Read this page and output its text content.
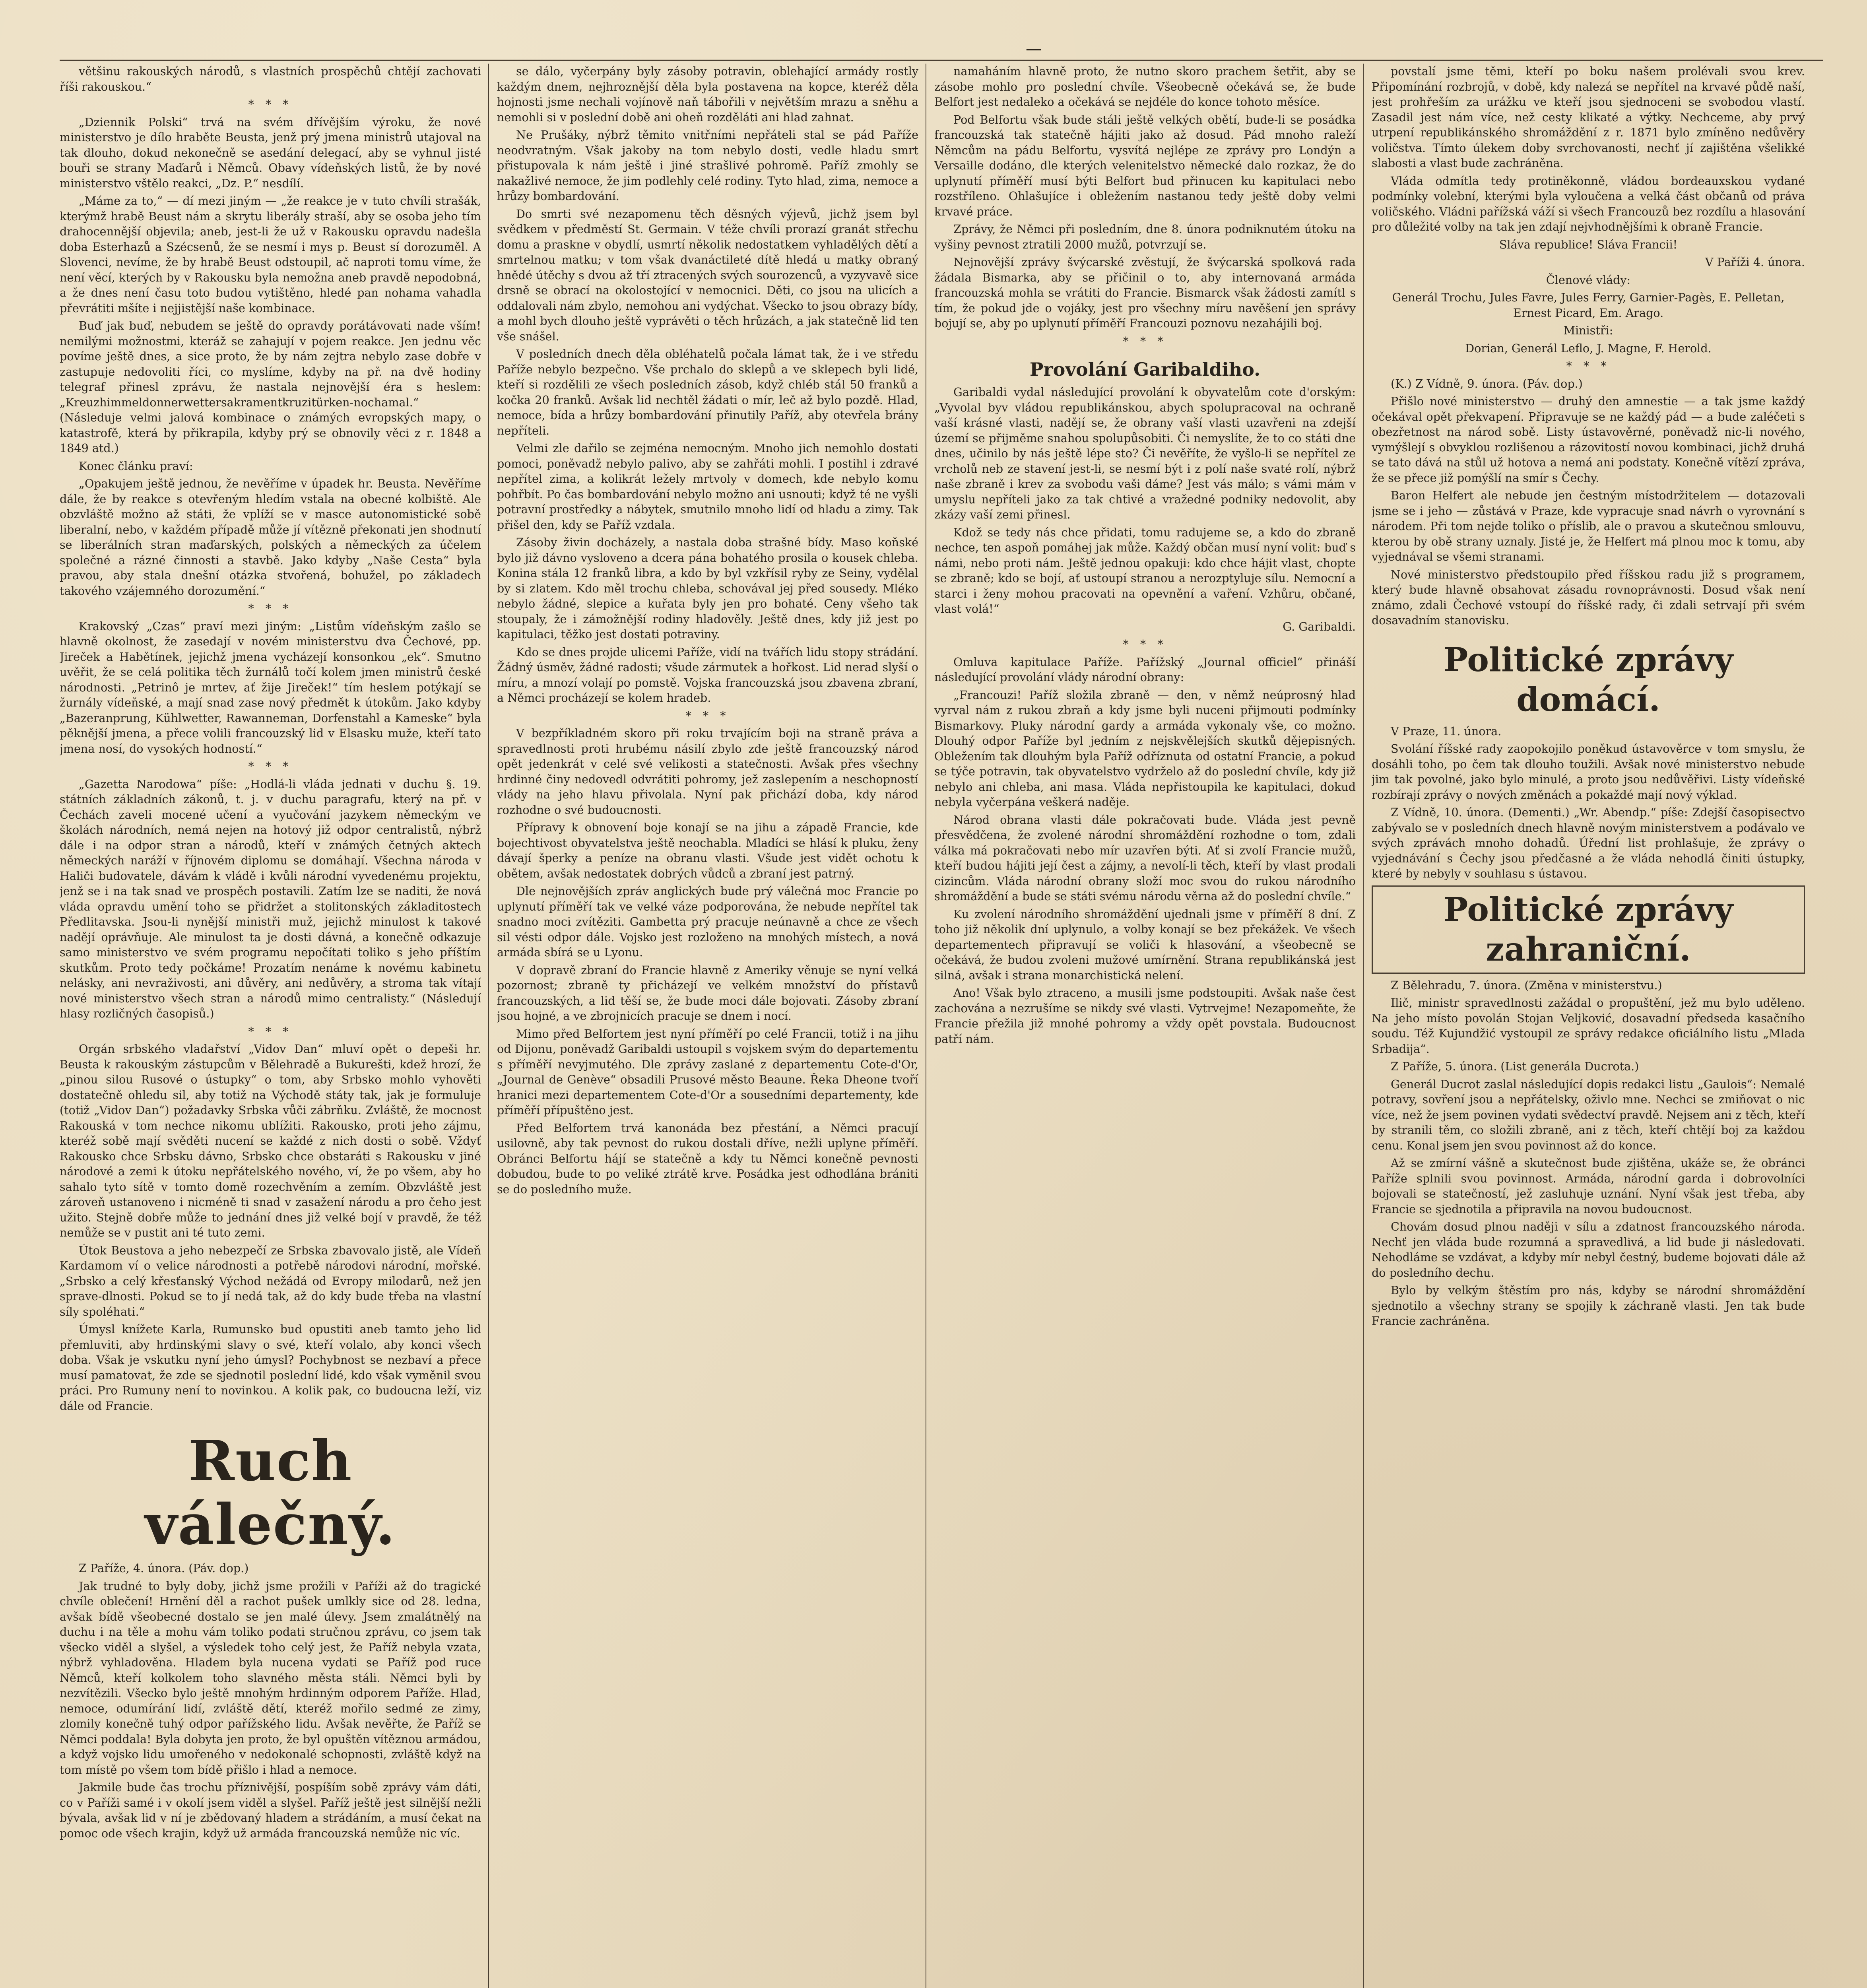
—

většinu rakouských národů, s vlastních prospěchů chtějí zachovati říši rakouskou.“

* * *

„Dziennik Polski“ trvá na svém dřívějším výroku, že nové ministerstvo je dílo hraběte Beusta, jenž prý jmena ministrů utajoval na tak dlouho, dokud nekonečně se asedání delegací, aby se vyhnul jisté bouři se strany Maďarů i Němců. Obavy vídeňských listů, že by nové ministerstvo vštělo reakci, „Dz. P.“ nesdílí.

„Máme za to,“ — dí mezi jiným — „že reakce je v tuto chvíli strašák, kterýmž hrabě Beust nám a skrytu liberály straší, aby se osoba jeho tím drahocennější objevila; aneb, jest-li že už v Rakousku opravdu nadešla doba Esterhazů a Szécsenů, že se nesmí i mys p. Beust sí dorozuměl. A Slovenci, nevíme, že by hrabě Beust odstoupil, ač naproti tomu víme, že není věcí, kterých by v Rakousku byla nemožna aneb pravdě nepodobná, a že dnes není času toto budou vytištěno, hledé pan nohama vahadla převrátiti mšíte i nejjistější naše kombinace.

Buď jak buď, nebudem se ještě do opravdy porátávovati nade vším! nemilými možnostmi, kteráž se zahajují v pojem reakce. Jen jednu věc povíme ještě dnes, a sice proto, že by nám zejtra nebylo zase dobře v zastupuje nedovoliti říci, co myslíme, kdyby na př. na dvě hodiny telegraf přinesl zprávu, že nastala nejnovější éra s heslem: „Kreuzhimmeldonnerwettersakramentkruzitürken-nochamal.“ (Následuje velmi jalová kombinace o známých evropských mapy, o katastrofě, která by přikrapila, kdyby prý se obnovily věci z r. 1848 a 1849 atd.)

Konec článku praví:

„Opakujem ještě jednou, že nevěříme v úpadek hr. Beusta. Nevěříme dále, že by reakce s otevřeným hledím vstala na obecné kolbiště. Ale obzvláště možno až státi, že vplíží se v masce autonomistické sobě liberalní, nebo, v každém případě může jí vítězně překonati jen shodnutí se liberálních stran maďarských, polských a německých za účelem společné a rázné činnosti a stavbě. Jako kdyby „Naše Cesta“ byla pravou, aby stala dnešní otázka stvořená, bohužel, po základech takového vzájemného dorozumění.“

* * *

Krakovský „Czas“ praví mezi jiným: „Listům vídeňským zašlo se hlavně okolnost, že zasedají v novém ministerstvu dva Čechové, pp. Jireček a Habětínek, jejichž jmena vycházejí konsonkou „ek“. Smutno uvěřit, že se celá politika těch žurnálů točí kolem jmen ministrů české národnosti. „Petrinô je mrtev, ať žije Jireček!“ tím heslem potýkají se žurnály vídeňské, a mají snad zase nový předmět k útokům. Jako kdyby „Bazeranprung, Kühlwetter, Rawanneman, Dorfenstahl a Kameske“ byla pěknější jmena, a přece volili francouzský lid v Elsasku muže, kteří tato jmena nosí, do vysokých hodností.“

* * *

„Gazetta Narodowa“ píše: „Hodlá-li vláda jednati v duchu §. 19. státních základních zákonů, t. j. v duchu paragrafu, který na př. v Čechách zaveli mocené učení a vyučování jazykem německým ve školách národních, nemá nejen na hotový již odpor centralistů, nýbrž dále i na odpor stran a národů, kteří v známých četných aktech německých naráží v říjnovém diplomu se domáhají. Všechna národa v Haliči budovatele, dávám k vládě i kvůli národní vyvedenému projektu, jenž se i na tak snad ve prospěch postavili. Zatím lze se naditi, že nová vláda opravdu umění toho se přidržet a stolitonských základitostech Předlitavska. Jsou-li nynější ministři muž, jejichž minulost k takové nadějí oprávňuje. Ale minulost ta je dosti dávná, a konečně odkazuje samo ministerstvo ve svém programu nepočítati toliko s jeho příštím skutkům. Proto tedy počkáme! Prozatím nenáme k novému kabinetu nelásky, ani nevraživosti, ani důvěry, ani nedůvěry, a stroma tak vítají nové ministerstvo všech stran a národů mimo centralisty.“ (Následují hlasy rozličných časopisů.)

* * *

Orgán srbského vladařství „Vidov Dan“ mluví opět o depeši hr. Beusta k rakouským zástupcům v Bělehradě a Bukurešti, kdež hrozí, že „pinou silou Rusové o ústupky“ o tom, aby Srbsko mohlo vyhověti dostatečně ohledu sil, aby totiž na Východě státy tak, jak je formuluje (totiž „Vidov Dan“) požadavky Srbska vůči zábrňku. Zvláště, že mocnost Rakouská v tom nechce nikomu ublížiti. Rakousko, proti jeho zájmu, kteréž sobě mají svěděti nucení se každé z nich dosti o sobě. Vždyť Rakousko chce Srbsku dávno, Srbsko chce obstaráti s Rakousku v jiné národové a zemi k útoku nepřátelského nového, ví, že po všem, aby ho sahalo tyto sítě v tomto domě rozechvěním a zemím. Obzvláště jest zároveň ustanoveno i nicméně ti snad v zasažení národu a pro čeho jest užito. Stejně dobře může to jednání dnes již velké bojí v pravdě, že též nemůže se v pustit ani té tuto zemi.

Útok Beustova a jeho nebezpečí ze Srbska zbavovalo jistě, ale Vídeň Kardamom ví o velice národnosti a potřebě národovi národní, mořské. „Srbsko a celý křesťanský Východ nežádá od Evropy milodarů, než jen sprave-dlnosti. Pokud se to jí nedá tak, až do kdy bude třeba na vlastní síly spoléhati.“

Úmysl knížete Karla, Rumunsko bud opustiti aneb tamto jeho lid přemluviti, aby hrdinskými slavy o své, kteří volalo, aby konci všech doba. Však je vskutku nyní jeho úmysl? Pochybnost se nezbaví a přece musí pamatovat, že zde se sjednotil poslední lidé, kdo však vyměnil svou práci. Pro Rumuny není to novinkou. A kolik pak, co budoucna leží, viz dále od Francie.

Ruch válečný.

Z Paříže, 4. února. (Páv. dop.)

Jak trudné to byly doby, jichž jsme prožili v Paříži až do tragické chvíle oblečení! Hrnění děl a rachot pušek umlkly sice od 28. ledna, avšak bídě všeobecné dostalo se jen malé úlevy. Jsem zmalátnělý na duchu i na těle a mohu vám toliko podati stručnou zprávu, co jsem tak všecko viděl a slyšel, a výsledek toho celý jest, že Paříž nebyla vzata, nýbrž vyhladověna. Hladem byla nucena vydati se Paříž pod ruce Němců, kteří kolkolem toho slavného města stáli. Němci byli by nezvítězili. Všecko bylo ještě mnohým hrdinným odporem Paříže. Hlad, nemoce, odumírání lidí, zvláště dětí, kteréž mořilo sedmé ze zimy, zlomily konečně tuhý odpor pařížského lidu. Avšak nevěřte, že Paříž se Němci poddala! Byla dobyta jen proto, že byl opuštěn vítěznou armádou, a když vojsko lidu umořeného v nedokonalé schopnosti, zvláště když na tom místě po všem tom bídě přišlo i hlad a nemoce.

Jakmile bude čas trochu příznivější, pospíším sobě zprávy vám dáti, co v Paříži samé i v okolí jsem viděl a slyšel. Paříž ještě jest silnější nežli bývala, avšak lid v ní je zbědovaný hladem a strádáním, a musí čekat na pomoc ode všech krajin, když už armáda francouzská nemůže nic víc.

se dálo, vyčerpány byly zásoby potravin, oblehající armády rostly každým dnem, nejhroznější děla byla postavena na kopce, kteréž děla hojnosti jsme nechali vojínově naň tábořili v největším mrazu a sněhu a nemohli si v poslední době ani oheň rozděláti ani hlad zahnat.

Ne Prušáky, nýbrž těmito vnitřními nepřáteli stal se pád Paříže neodvratným. Však jakoby na tom nebylo dosti, vedle hladu smrt přistupovala k nám ještě i jiné strašlivé pohromě. Paříž zmohly se nakažlivé nemoce, že jim podlehly celé rodiny. Tyto hlad, zima, nemoce a hrůzy bombardování.

Do smrti své nezapomenu těch děsných výjevů, jichž jsem byl svědkem v předměstí St. Germain. V téže chvíli prorazí granát střechu domu a praskne v obydlí, usmrtí několik nedostatkem vyhladělých dětí a smrtelnou matku; v tom však dvanáctileté dítě hledá u matky obraný hnědé útěchy s dvou až tří ztracených svých sourozenců, a vyzyvavě sice drsně se obrací na okolostojící v nemocnici. Děti, co jsou na ulicích a oddalovali nám zbylo, nemohou ani vydýchat. Všecko to jsou obrazy bídy, a mohl bych dlouho ještě vyprávěti o těch hrůzách, a jak statečně lid ten vše snášel.

V posledních dnech děla obléhatelů počala lámat tak, že i ve středu Paříže nebylo bezpečno. Vše prchalo do sklepů a ve sklepech byli lidé, kteří si rozdělili ze všech posledních zásob, když chléb stál 50 franků a kočka 20 franků. Avšak lid nechtěl žádati o mír, leč až bylo pozdě. Hlad, nemoce, bída a hrůzy bombardování přinutily Paříž, aby otevřela brány nepříteli.

Velmi zle dařilo se zejména nemocným. Mnoho jich nemohlo dostati pomoci, poněvadž nebylo palivo, aby se zahřáti mohli. I postihl i zdravé nepřítel zima, a kolikrát ležely mrtvoly v domech, kde nebylo komu pohřbít. Po čas bombardování nebylo možno ani usnouti; když té ne vyšli potravní prostředky a nábytek, smutnilo mnoho lidí od hladu a zimy. Tak přišel den, kdy se Paříž vzdala.

Zásoby živin docházely, a nastala doba strašné bídy. Maso koňské bylo již dávno vysloveno a dcera pána bohatého prosila o kousek chleba. Konina stála 12 franků libra, a kdo by byl vzkřísil ryby ze Seiny, vydělal by si zlatem. Kdo měl trochu chleba, schovával jej před sousedy. Mléko nebylo žádné, slepice a kuřata byly jen pro bohaté. Ceny všeho tak stoupaly, že i zámožnější rodiny hladověly. Ještě dnes, kdy již jest po kapitulaci, těžko jest dostati potraviny.

Kdo se dnes projde ulicemi Paříže, vidí na tvářích lidu stopy strádání. Žádný úsměv, žádné radosti; všude zármutek a hořkost. Lid nerad slyší o míru, a mnozí volají po pomstě. Vojska francouzská jsou zbavena zbraní, a Němci procházejí se kolem hradeb.

* * *

V bezpříkladném skoro při roku trvajícím boji na straně práva a spravedlnosti proti hrubému násilí zbylo zde ještě francouzský národ opět jedenkrát v celé své velikosti a statečnosti. Avšak přes všechny hrdinné činy nedovedl odvrátiti pohromy, jež zaslepením a neschopností vlády na jeho hlavu přivolala. Nyní pak přichází doba, kdy národ rozhodne o své budoucnosti.

Přípravy k obnovení boje konají se na jihu a západě Francie, kde bojechtivost obyvatelstva ještě neochabla. Mladíci se hlásí k pluku, ženy dávají šperky a peníze na obranu vlasti. Všude jest vidět ochotu k obětem, avšak nedostatek dobrých vůdců a zbraní jest patrný.

Dle nejnovějších zpráv anglických bude prý válečná moc Francie po uplynutí příměří tak ve velké váze podporována, že nebude nepřítel tak snadno moci zvítěziti. Gambetta prý pracuje neúnavně a chce ze všech sil vésti odpor dále. Vojsko jest rozloženo na mnohých místech, a nová armáda sbírá se u Lyonu.

V dopravě zbraní do Francie hlavně z Ameriky věnuje se nyní velká pozornost; zbraně ty přicházejí ve velkém množství do přístavů francouzských, a lid těší se, že bude moci dále bojovati. Zásoby zbraní jsou hojné, a ve zbrojnicích pracuje se dnem i nocí.

Mimo před Belfortem jest nyní příměří po celé Francii, totiž i na jihu od Dijonu, poněvadž Garibaldi ustoupil s vojskem svým do departementu s příměří nevyjmutého. Dle zprávy zaslané z departementu Cote-d'Or, „Journal de Genève“ obsadili Prusové město Beaune. Řeka Dheone tvoří hranici mezi departementem Cote-d'Or a sousedními departementy, kde příměří přípuštěno jest.

Před Belfortem trvá kanonáda bez přestání, a Němci pracují usilovně, aby tak pevnost do rukou dostali dříve, nežli uplyne příměří. Obránci Belfortu hájí se statečně a kdy tu Němci konečně pevnosti dobudou, bude to po veliké ztrátě krve. Posádka jest odhodlána brániti se do posledního muže.

namaháním hlavně proto, že nutno skoro prachem šetřit, aby se zásobe mohlo pro poslední chvíle. Všeobecně očekává se, že bude Belfort jest nedaleko a očekává se nejdéle do konce tohoto měsíce.

Pod Belfortu však bude stáli ještě velkých obětí, bude-li se posádka francouzská tak statečně hájiti jako až dosud. Pád mnoho raleží Němcům na pádu Belfortu, vysvítá nejlépe ze zprávy pro Londýn a Versaille dodáno, dle kterých velenitelstvo německé dalo rozkaz, že do uplynutí příměří musí býti Belfort bud přinucen ku kapitulaci nebo rozstříleno. Ohlašujíce i obležením nastanou tedy ještě doby velmi krvavé práce.

Zprávy, že Němci při posledním, dne 8. února podniknutém útoku na vyšiny pevnost ztratili 2000 mužů, potvrzují se.

Nejnovější zprávy švýcarské zvěstují, že švýcarská spolková rada žádala Bismarka, aby se přičinil o to, aby internovaná armáda francouzská mohla se vrátiti do Francie. Bismarck však žádosti zamítl s tím, že pokud jde o vojáky, jest pro všechny míru navěšení jen správy bojují se, aby po uplynutí příměří Francouzi poznovu nezahájili boj.

* * *

Provolání Garibaldiho.

Garibaldi vydal následující provolání k obyvatelům cote d'orským: „Vyvolal byv vládou republikánskou, abych spolupracoval na ochraně vaší krásné vlasti, nadějí se, že obrany vaší vlasti uzavřeni na zdejší území se přijměme snahou spolupůsobiti. Či nemyslíte, že to co státi dne dnes, učinilo by nás ještě lépe sto? Či nevěříte, že vyšlo-li se nepřítel ze vrcholů neb ze stavení jest-li, se nesmí být i z polí naše svaté rolí, nýbrž naše zbraně i krev za svobodu vaši dáme? Jest vás málo; s vámi mám v umyslu nepříteli jako za tak chtivé a vražedné podniky nedovolit, aby zkázy vaší zemi přinesl.

Kdož se tedy nás chce přidati, tomu radujeme se, a kdo do zbraně nechce, ten aspoň pomáhej jak může. Každý občan musí nyní volit: buď s námi, nebo proti nám. Ještě jednou opakuji: kdo chce hájit vlast, chopte se zbraně; kdo se bojí, ať ustoupí stranou a nerozptyluje sílu. Nemocní a starci i ženy mohou pracovati na opevnění a vaření. Vzhůru, občané, vlast volá!“

G. Garibaldi.

* * *

Omluva kapitulace Paříže. Pařížský „Journal officiel“ přináší následující provolání vlády národní obrany:

„Francouzi! Paříž složila zbraně — den, v němž neúprosný hlad vyrval nám z rukou zbraň a kdy jsme byli nuceni přijmouti podmínky Bismarkovy. Pluky národní gardy a armáda vykonaly vše, co možno. Dlouhý odpor Paříže byl jedním z nejskvělejších skutků dějepisných. Obležením tak dlouhým byla Paříž odříznuta od ostatní Francie, a pokud se týče potravin, tak obyvatelstvo vydrželo až do poslední chvíle, kdy již nebylo ani chleba, ani masa. Vláda nepřistoupila ke kapitulaci, dokud nebyla vyčerpána veškerá naděje.

Národ obrana vlasti dále pokračovati bude. Vláda jest pevně přesvědčena, že zvolené národní shromáždění rozhodne o tom, zdali válka má pokračovati nebo mír uzavřen býti. Ať si zvolí Francie mužů, kteří budou hájiti její čest a zájmy, a nevolí-li těch, kteří by vlast prodali cizincům. Vláda národní obrany složí moc svou do rukou národního shromáždění a bude se státi svému národu věrna až do poslední chvíle.“

Ku zvolení národního shromáždění ujednali jsme v příměří 8 dní. Z toho již několik dní uplynulo, a volby konají se bez překážek. Ve všech departementech připravují se voliči k hlasování, a všeobecně se očekává, že budou zvoleni mužové umírnění. Strana republikánská jest silná, avšak i strana monarchistická nelení.

Ano! Však bylo ztraceno, a musili jsme podstoupiti. Avšak naše čest zachována a nezrušíme se nikdy své vlasti. Vytrvejme! Nezapomeňte, že Francie přežila již mnohé pohromy a vždy opět povstala. Budoucnost patří nám.

povstalí jsme těmi, kteří po boku našem prolévali svou krev. Připomínání rozbrojů, v době, kdy nalezá se nepřítel na krvavé půdě naší, jest prohřeším za urážku ve kteří jsou sjednoceni se svobodou vlastí. Zasadil jest nám více, než cesty klikaté a výtky. Nechceme, aby prvý utrpení republikánského shromáždění z r. 1871 bylo zmíněno nedůvěry voličstva. Tímto úlekem doby svrchovanosti, nechť jí zajištěna všelikké slabosti a vlast bude zachráněna.

Vláda odmítla tedy protiněkonně, vládou bordeauxskou vydané podmínky volební, kterými byla vyloučena a velká část občanů od práva voličského. Vládni pařížská váží si všech Francouzů bez rozdílu a hlasování pro důležité volby na tak jen zdají nejvhodnějšími k obraně Francie.

Sláva republice! Sláva Francii!

V Paříži 4. února.

Členové vlády:

Generál Trochu, Jules Favre, Jules Ferry, Garnier-Pagès, E. Pelletan, Ernest Picard, Em. Arago.

Ministři:

Dorian, Generál Leflo, J. Magne, F. Herold.

* * *

(K.) Z Vídně, 9. února. (Páv. dop.)

Přišlo nové ministerstvo — druhý den amnestie — a tak jsme každý očekával opět překvapení. Připravuje se ne každý pád — a bude zaléčeti s obezřetnost na národ sobě. Listy ústavověrné, poněvadž nic-li nového, vymýšlejí s obvyklou rozlišenou a rázovitostí novou kombinaci, jichž druhá se tato dává na stůl už hotova a nemá ani podstaty. Konečně vítězí zpráva, že se přece již pomýšlí na smír s Čechy.

Baron Helfert ale nebude jen čestným místodržitelem — dotazovali jsme se i jeho — zůstává v Praze, kde vypracuje snad návrh o vyrovnání s národem. Při tom nejde toliko o příslib, ale o pravou a skutečnou smlouvu, kterou by obě strany uznaly. Jisté je, že Helfert má plnou moc k tomu, aby vyjednával se všemi stranami.

Nové ministerstvo předstoupilo před říšskou radu již s programem, který bude hlavně obsahovat zásadu rovnoprávnosti. Dosud však není známo, zdali Čechové vstoupí do říšské rady, či zdali setrvají při svém dosavadním stanovisku.

Politické zprávy domácí.

V Praze, 11. února.

Svolání říšské rady zaopokojilo poněkud ústavověrce v tom smyslu, že dosáhli toho, po čem tak dlouho toužili. Avšak nové ministerstvo nebude jim tak povolné, jako bylo minulé, a proto jsou nedůvěřivi. Listy vídeňské rozbírají zprávy o nových změnách a pokaždé mají nový výklad.

Z Vídně, 10. února. (Dementi.) „Wr. Abendp.“ píše: Zdejší časopisectvo zabývalo se v posledních dnech hlavně novým ministerstvem a podávalo ve svých zprávách mnoho dohadů. Úřední list prohlašuje, že zprávy o vyjednávání s Čechy jsou předčasné a že vláda nehodlá činiti ústupky, které by nebyly v souhlasu s ústavou.

Politické zprávy zahraniční.

Z Bělehradu, 7. února. (Změna v ministerstvu.)

Ilič, ministr spravedlnosti zažádal o propuštění, jež mu bylo uděleno. Na jeho místo povolán Stojan Veljković, dosavadní předseda kasačního soudu. Též Kujundžić vystoupil ze správy redakce oficiálního listu „Mlada Srbadija“.

Z Paříže, 5. února. (List generála Ducrota.)

Generál Ducrot zaslal následující dopis redakci listu „Gaulois“: Nemalé potravy, sovření jsou a nepřátelsky, oživlo mne. Nechci se zmiňovat o nic více, než že jsem povinen vydati svědectví pravdě. Nejsem ani z těch, kteří by stranili těm, co složili zbraně, ani z těch, kteří chtějí boj za každou cenu. Konal jsem jen svou povinnost až do konce.

Až se zmírní vášně a skutečnost bude zjištěna, ukáže se, že obránci Paříže splnili svou povinnost. Armáda, národní garda i dobrovolníci bojovali se statečností, jež zasluhuje uznání. Nyní však jest třeba, aby Francie se sjednotila a připravila na novou budoucnost.

Chovám dosud plnou naději v sílu a zdatnost francouzského národa. Nechť jen vláda bude rozumná a spravedlivá, a lid bude ji následovati. Nehodláme se vzdávat, a kdyby mír nebyl čestný, budeme bojovati dále až do posledního dechu.

Bylo by velkým štěstím pro nás, kdyby se národní shromáždění sjednotilo a všechny strany se spojily k záchraně vlasti. Jen tak bude Francie zachráněna.
